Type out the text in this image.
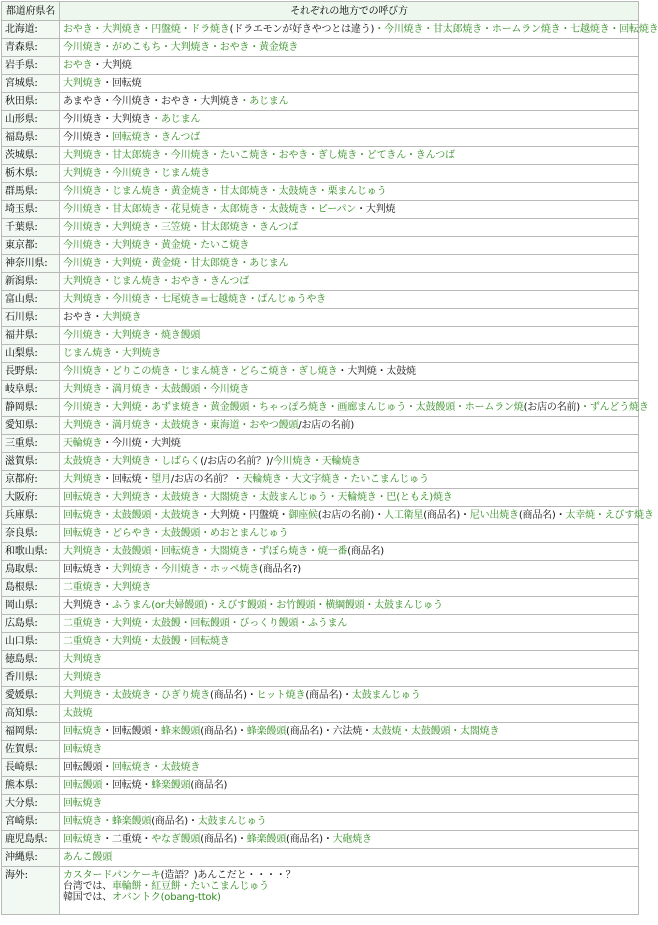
都道府県名	それぞれの地方での呼び方
北海道:	おやき・大判焼き・円盤焼・ドラ焼き(ドラエモンが好きやつとは違う)・今川焼き・甘太郎焼き・ホームラン焼き・七越焼き・回転焼き
青森県:	今川焼き・がめこもち・大判焼き・おやき・黄金焼き
岩手県:	おやき・大判焼
宮城県:	大判焼き・回転焼
秋田県:	あまやき・今川焼き・おやき・大判焼き・あじまん
山形県:	今川焼き・大判焼き・あじまん
福島県:	今川焼き・回転焼き・きんつば
茨城県:	大判焼き・甘太郎焼き・今川焼き・たいこ焼き・おやき・ぎし焼き・どてきん・きんつば
栃木県:	大判焼き・今川焼き・じまん焼き
群馬県:	今川焼き・じまん焼き・黄金焼き・甘太郎焼き・太鼓焼き・栗まんじゅう
埼玉県:	今川焼き・甘太郎焼き・花見焼き・太郎焼き・太鼓焼き・ピーパン・大判焼
千葉県:	今川焼き・大判焼き・三笠焼・甘太郎焼き・きんつば
東京都:	今川焼き・大判焼き・黄金焼・たいこ焼き
神奈川県:	今川焼き・大判焼・黄金焼・甘太郎焼き・あじまん
新潟県:	大判焼き・じまん焼き・おやき・きんつば
富山県:	大判焼き・今川焼き・七尾焼き=七越焼き・ばんじゅうやき
石川県:	おやき・大判焼き
福井県:	今川焼き・大判焼き・焼き饅頭
山梨県:	じまん焼き・大判焼き
長野県:	今川焼き・どりこの焼き・じまん焼き・どらこ焼き・ぎし焼き・大判焼・太鼓焼
岐阜県:	大判焼き・満月焼き・太鼓饅頭・今川焼き
静岡県:	今川焼き・大判焼・あずま焼き・黄金饅頭・ちゃっぽろ焼き・画廊まんじゅう・太鼓饅頭・ホームラン焼(お店の名前)・ずんどう焼き
愛知県:	大判焼き・満月焼き・太鼓焼き・東海道・おやつ饅頭/お店の名前)
三重県:	天輪焼き・今川焼・大判焼
滋賀県:	太鼓焼き・大判焼き・しばらく(/お店の名前？)/今川焼き・天輪焼き
京都府:	大判焼き・回転焼・望月/お店の名前？・天輪焼き・大文字焼き・たいこまんじゅう
大阪府:	回転焼き・大判焼き・太鼓焼き・大閤焼き・太鼓まんじゅう・天輪焼き・巴(ともえ)焼き
兵庫県:	回転焼き・太鼓饅頭・太鼓焼き・大判焼・円盤焼・御座候(お店の名前)・人工衛星(商品名)・尼い出焼き(商品名)・太幸焼・えびす焼き
奈良県:	回転焼き・どらやき・太鼓饅頭・めおとまんじゅう
和歌山県:	大判焼き・太鼓饅頭・回転焼き・大閤焼き・ずぼら焼き・焼一番(商品名)
鳥取県:	回転焼き・大判焼き・今川焼き・ホッペ焼き(商品名?)
島根県:	二重焼き・大判焼き
岡山県:	大判焼き・ふうまん(or夫婦饅頭)・えびす饅頭・お竹饅頭・横綱饅頭・太鼓まんじゅう
広島県:	二重焼き・大判焼・太鼓饅・回転饅頭・びっくり饅頭・ふうまん
山口県:	二重焼き・大判焼・太鼓饅・回転焼き
徳島県:	大判焼き
香川県:	大判焼き
愛媛県:	大判焼き・太鼓焼き・ひぎり焼き(商品名)・ヒット焼き(商品名)・太鼓まんじゅう
高知県:	太鼓焼
福岡県:	回転焼き・回転饅頭・蜂来饅頭(商品名)・蜂楽饅頭(商品名)・六法焼・太鼓焼・太鼓饅頭・太閤焼き
佐賀県:	回転焼き
長崎県:	回転饅頭・回転焼き・太鼓焼き
熊本県:	回転饅頭・回転焼・蜂楽饅頭(商品名)
大分県:	回転焼き
宮崎県:	回転焼き・蜂楽饅頭(商品名)・太鼓まんじゅう
鹿児島県:	回転焼き・二重焼・やなぎ饅頭(商品名)・蜂楽饅頭(商品名)・大砲焼き
沖縄県:	あんこ饅頭
海外:	カスタードパンケーキ(造語？)あんこだと・・・・？
台湾では、車輪餅・紅豆餅・たいこまんじゅう
韓国では、オバントク(obang-ttok)
